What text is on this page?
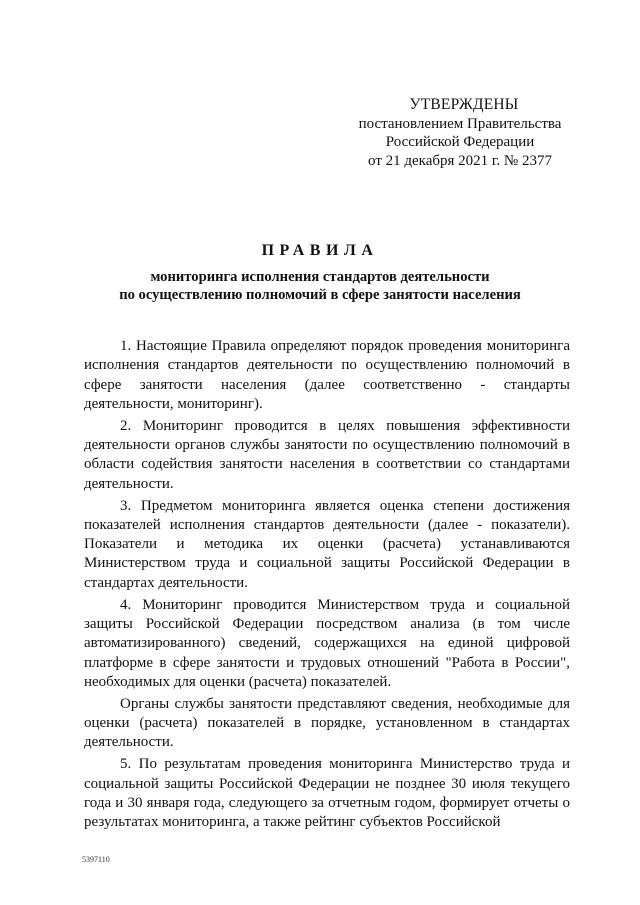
УТВЕРЖДЕНЫ
постановлением Правительства
Российской Федерации
от 21 декабря 2021 г. № 2377
ПРАВИЛА
мониторинга исполнения стандартов деятельности
по осуществлению полномочий в сфере занятости населения

1. Настоящие Правила определяют порядок проведения мониторинга исполнения стандартов деятельности по осуществлению полномочий в сфере занятости населения (далее соответственно - стандарты деятельности, мониторинг).

2. Мониторинг проводится в целях повышения эффективности деятельности органов службы занятости по осуществлению полномочий в области содействия занятости населения в соответствии со стандартами деятельности.

3. Предметом мониторинга является оценка степени достижения показателей исполнения стандартов деятельности (далее - показатели). Показатели и методика их оценки (расчета) устанавливаются Министерством труда и социальной защиты Российской Федерации в стандартах деятельности.

4. Мониторинг проводится Министерством труда и социальной защиты Российской Федерации посредством анализа (в том числе автоматизированного) сведений, содержащихся на единой цифровой платформе в сфере занятости и трудовых отношений "Работа в России", необходимых для оценки (расчета) показателей.

Органы службы занятости представляют сведения, необходимые для оценки (расчета) показателей в порядке, установленном в стандартах деятельности.

5. По результатам проведения мониторинга Министерство труда и социальной защиты Российской Федерации не позднее 30 июля текущего года и 30 января года, следующего за отчетным годом, формирует отчеты о результатах мониторинга, а также рейтинг субъектов Российской

5397110
